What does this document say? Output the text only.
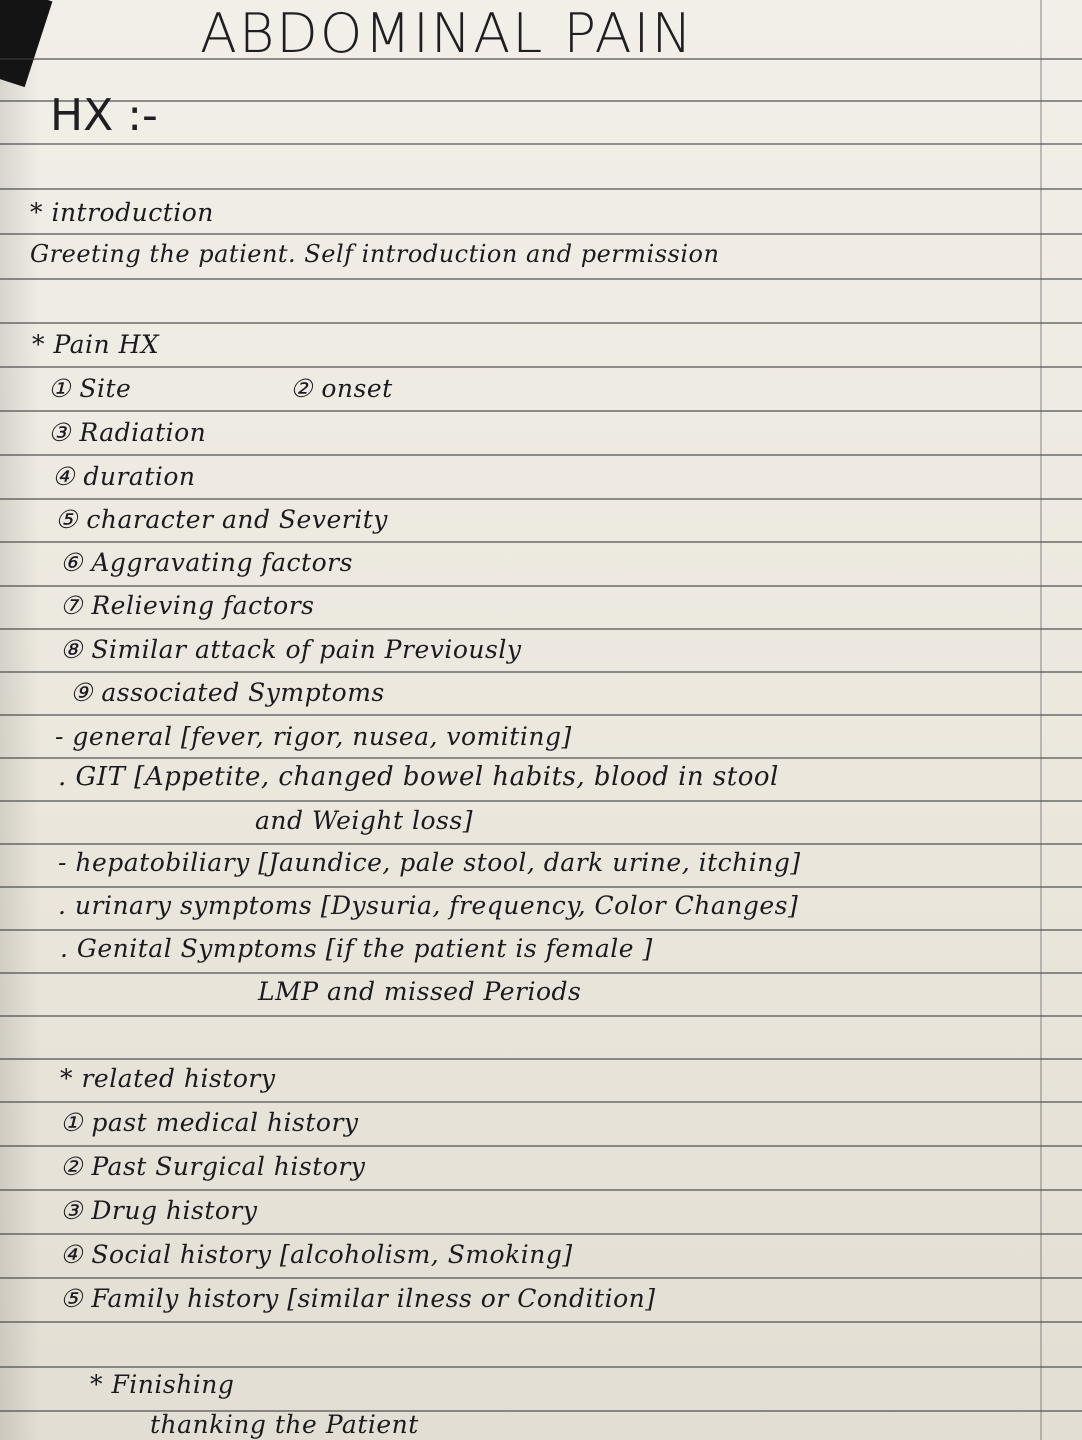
ABDOMINAL PAIN
HX :-
* introduction
Greeting the patient. Self introduction and permission
* Pain HX
① Site	② onset
③ Radiation
④ duration
⑤ character and Severity
⑥ Aggravating factors
⑦ Relieving factors
⑧ Similar attack of pain Previously
⑨ associated Symptoms
- general [fever, rigor, nusea, vomiting]
. GIT [Appetite, changed bowel habits, blood in stool
and Weight loss]
- hepatobiliary [Jaundice, pale stool, dark urine, itching]
. urinary symptoms [Dysuria, frequency, Color Changes]
. Genital Symptoms [if the patient is female ]
LMP and missed Periods
* related history
① past medical history
② Past Surgical history
③ Drug history
④ Social history [alcoholism, Smoking]
⑤ Family history [similar ilness or Condition]
* Finishing
thanking the Patient
